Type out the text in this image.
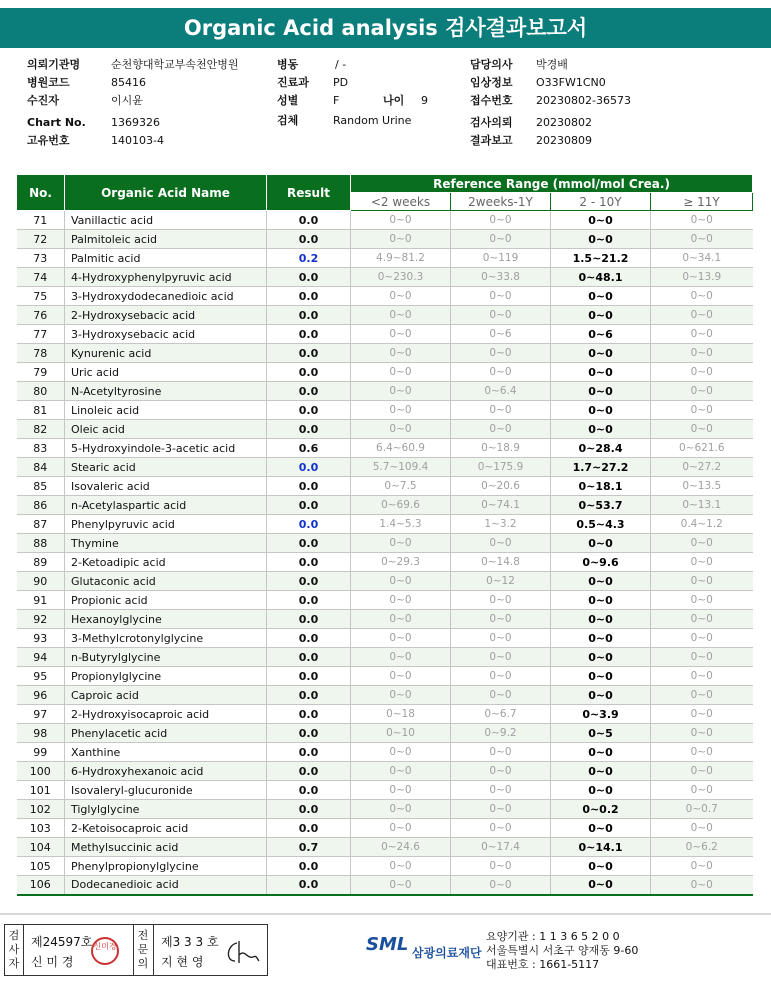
Organic Acid analysis 검사결과보고서
의뢰기관명	순천향대학교부속천안병원
병원코드	85416
수진자	이시윤
Chart No. 1369326
고유번호	140103-4
병동	/ -
진료과 PD
성별	F	나이 9
검체	Random Urine
담당의사 박경배
임상정보 O33FW1CN0
접수번호 20230802-36573
검사의뢰 20230802
결과보고 20230809
No.	Organic Acid Name	Result	Reference Range (mmol/mol Crea.)			
			<2 weeks	2weeks-1Y	2 - 10Y	≥ 11Y
71	Vanillactic acid	0.0	0~0	0~0	0~0	0~0
72	Palmitoleic acid	0.0	0~0	0~0	0~0	0~0
73	Palmitic acid	0.2	4.9~81.2	0~119	1.5~21.2	0~34.1
74	4-Hydroxyphenylpyruvic acid	0.0	0~230.3	0~33.8	0~48.1	0~13.9
75	3-Hydroxydodecanedioic acid	0.0	0~0	0~0	0~0	0~0
76	2-Hydroxysebacic acid	0.0	0~0	0~0	0~0	0~0
77	3-Hydroxysebacic acid	0.0	0~0	0~6	0~6	0~0
78	Kynurenic acid	0.0	0~0	0~0	0~0	0~0
79	Uric acid	0.0	0~0	0~0	0~0	0~0
80	N-Acetyltyrosine	0.0	0~0	0~6.4	0~0	0~0
81	Linoleic acid	0.0	0~0	0~0	0~0	0~0
82	Oleic acid	0.0	0~0	0~0	0~0	0~0
83	5-Hydroxyindole-3-acetic acid	0.6	6.4~60.9	0~18.9	0~28.4	0~621.6
84	Stearic acid	0.0	5.7~109.4	0~175.9	1.7~27.2	0~27.2
85	Isovaleric acid	0.0	0~7.5	0~20.6	0~18.1	0~13.5
86	n-Acetylaspartic acid	0.0	0~69.6	0~74.1	0~53.7	0~13.1
87	Phenylpyruvic acid	0.0	1.4~5.3	1~3.2	0.5~4.3	0.4~1.2
88	Thymine	0.0	0~0	0~0	0~0	0~0
89	2-Ketoadipic acid	0.0	0~29.3	0~14.8	0~9.6	0~0
90	Glutaconic acid	0.0	0~0	0~12	0~0	0~0
91	Propionic acid	0.0	0~0	0~0	0~0	0~0
92	Hexanoylglycine	0.0	0~0	0~0	0~0	0~0
93	3-Methylcrotonylglycine	0.0	0~0	0~0	0~0	0~0
94	n-Butyrylglycine	0.0	0~0	0~0	0~0	0~0
95	Propionylglycine	0.0	0~0	0~0	0~0	0~0
96	Caproic acid	0.0	0~0	0~0	0~0	0~0
97	2-Hydroxyisocaproic acid	0.0	0~18	0~6.7	0~3.9	0~0
98	Phenylacetic acid	0.0	0~10	0~9.2	0~5	0~0
99	Xanthine	0.0	0~0	0~0	0~0	0~0
100	6-Hydroxyhexanoic acid	0.0	0~0	0~0	0~0	0~0
101	Isovaleryl-glucuronide	0.0	0~0	0~0	0~0	0~0
102	Tiglylglycine	0.0	0~0	0~0	0~0.2	0~0.7
103	2-Ketoisocaproic acid	0.0	0~0	0~0	0~0	0~0
104	Methylsuccinic acid	0.7	0~24.6	0~17.4	0~14.1	0~6.2
105	Phenylpropionylglycine	0.0	0~0	0~0	0~0	0~0
106	Dodecanedioic acid	0.0	0~0	0~0	0~0	0~0
검사자
제24597호
신 미 경
신미경
전문의
제3 3 3 호
지 현 영
SML 삼광의료재단
요양기관 : 1 1 3 6 5 2 0 0
서울특별시 서초구 양재동 9-60
대표번호 : 1661-5117
